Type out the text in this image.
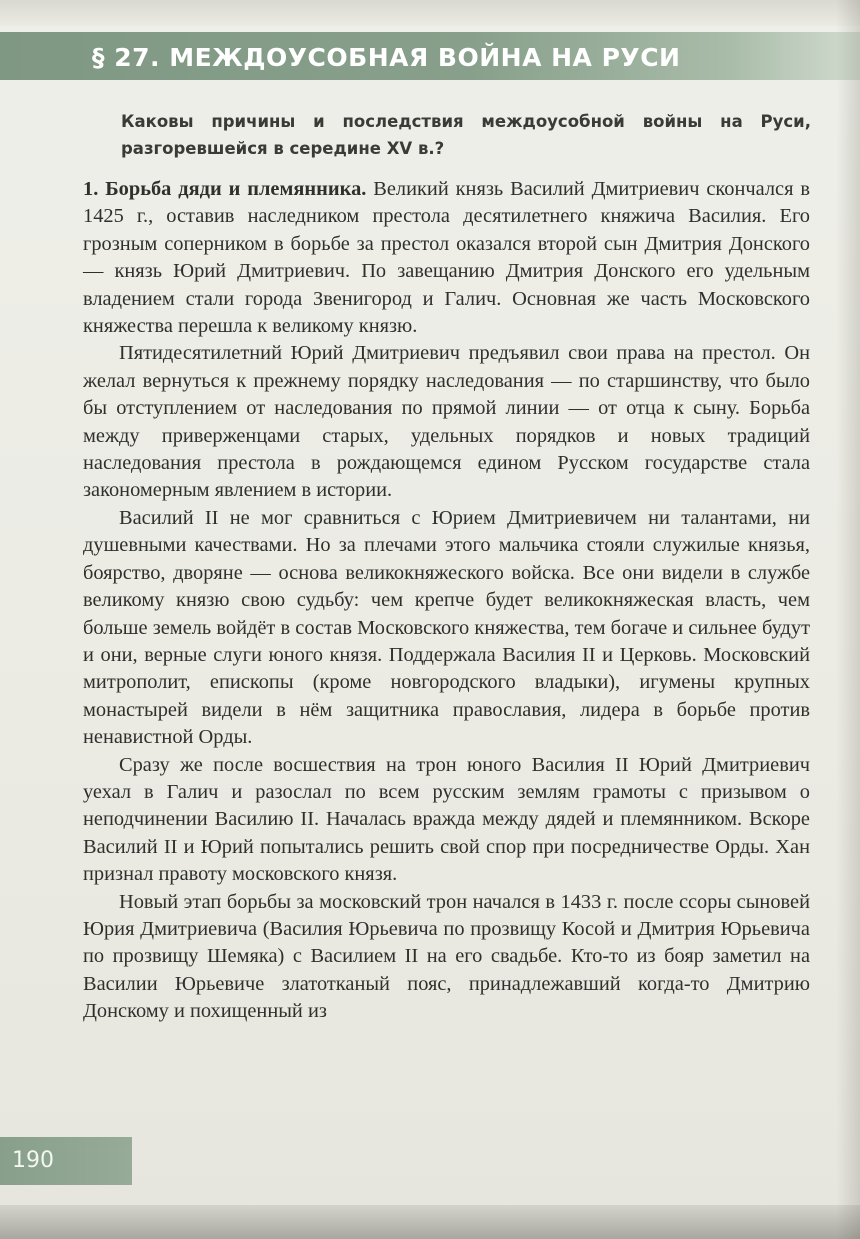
§ 27. МЕЖДОУСОБНАЯ ВОЙНА НА РУСИ
Каковы причины и последствия междоусобной войны на Руси, разгоревшейся в середине XV в.?

1. Борьба дяди и племянника. Великий князь Василий Дмитриевич скончался в 1425 г., оставив наследником престола десятилетнего княжича Василия. Его грозным соперником в борьбе за престол оказался второй сын Дмитрия Донского — князь Юрий Дмитриевич. По завещанию Дмитрия Донского его удельным владением стали города Звенигород и Галич. Основная же часть Московского княжества перешла к великому князю.

Пятидесятилетний Юрий Дмитриевич предъявил свои права на престол. Он желал вернуться к прежнему порядку наследования — по старшинству, что было бы отступлением от наследования по прямой линии — от отца к сыну. Борьба между приверженцами старых, удельных порядков и новых традиций наследования престола в рождающемся едином Русском государстве стала закономерным явлением в истории.

Василий II не мог сравниться с Юрием Дмитриевичем ни талантами, ни душевными качествами. Но за плечами этого мальчика стояли служилые князья, боярство, дворяне — основа великокняжеского войска. Все они видели в службе великому князю свою судьбу: чем крепче будет великокняжеская власть, чем больше земель войдёт в состав Московского княжества, тем богаче и сильнее будут и они, верные слуги юного князя. Поддержала Василия II и Церковь. Московский митрополит, епископы (кроме новгородского владыки), игумены крупных монастырей видели в нём защитника православия, лидера в борьбе против ненавистной Орды.

Сразу же после восшествия на трон юного Василия II Юрий Дмитриевич уехал в Галич и разослал по всем русским землям грамоты с призывом о неподчинении Василию II. Началась вражда между дядей и племянником. Вскоре Василий II и Юрий попытались решить свой спор при посредничестве Орды. Хан признал правоту московского князя.

Новый этап борьбы за московский трон начался в 1433 г. после ссоры сыновей Юрия Дмитриевича (Василия Юрьевича по прозвищу Косой и Дмитрия Юрьевича по прозвищу Шемяка) с Василием II на его свадьбе. Кто-то из бояр заметил на Василии Юрьевиче златотканый пояс, принадлежавший когда-то Дмитрию Донскому и похищенный из

190
